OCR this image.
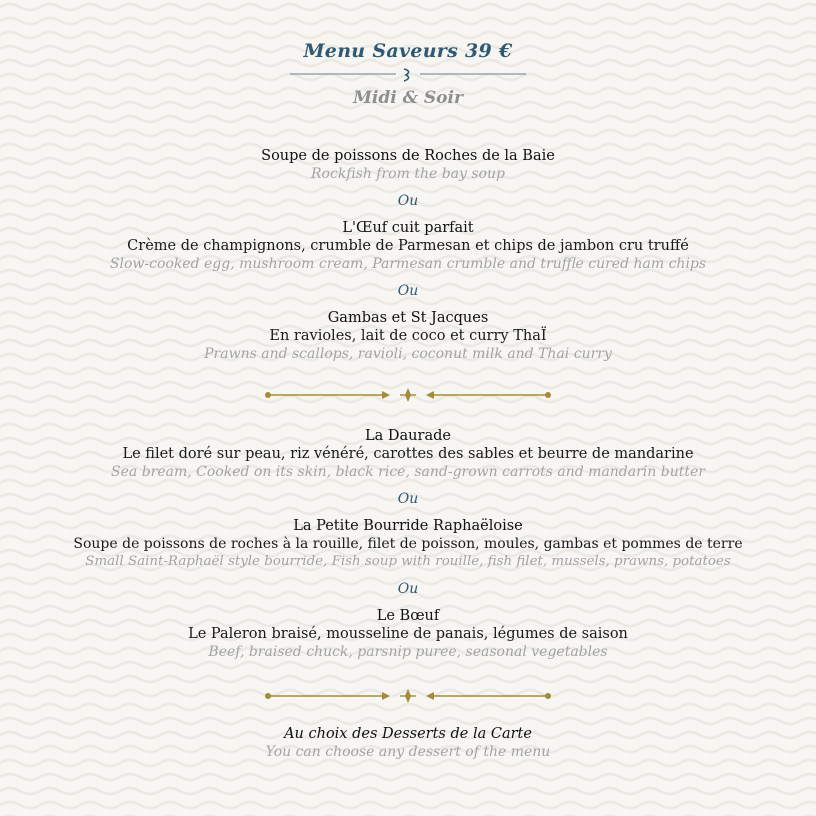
Menu Saveurs 39 €
Midi & Soir
Soupe de poissons de Roches de la Baie
Rockfish from the bay soup
Ou
L'Œuf cuit parfait
Crème de champignons, crumble de Parmesan et chips de jambon cru truffé
Slow-cooked egg, mushroom cream, Parmesan crumble and truffle cured ham chips
Ou
Gambas et St Jacques
En ravioles, lait de coco et curry ThaÏ
Prawns and scallops, ravioli, coconut milk and Thai curry
La Daurade
Le filet doré sur peau, riz vénéré, carottes des sables et beurre de mandarine
Sea bream, Cooked on its skin, black rice, sand-grown carrots and mandarin butter
Ou
La Petite Bourride Raphaëloise
Soupe de poissons de roches à la rouille, filet de poisson, moules, gambas et pommes de terre
Small Saint-Raphaël style bourride, Fish soup with rouille, fish filet, mussels, prawns, potatoes
Ou
Le Bœuf
Le Paleron braisé, mousseline de panais, légumes de saison
Beef, braised chuck, parsnip puree, seasonal vegetables
Au choix des Desserts de la Carte
You can choose any dessert of the menu
